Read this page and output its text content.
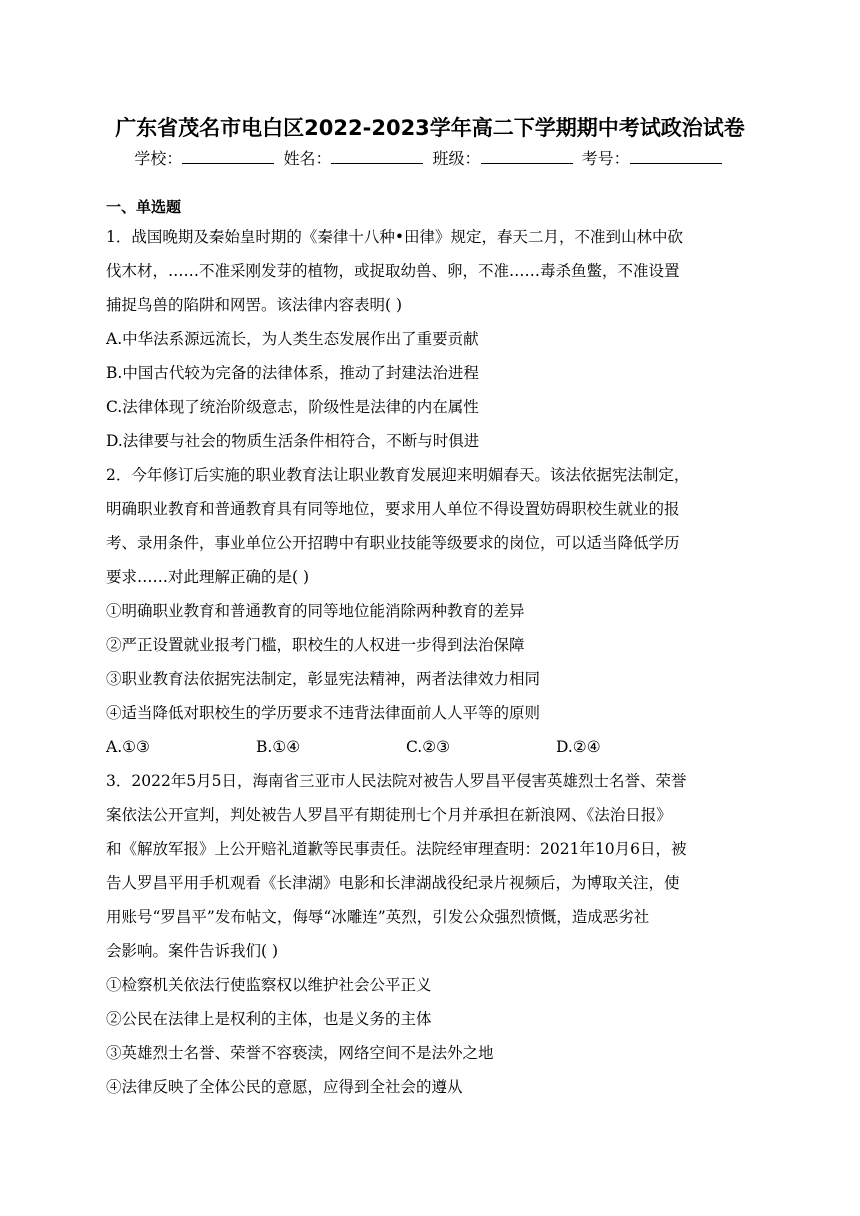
广东省茂名市电白区2022-2023学年高二下学期期中考试政治试卷
学校：	姓名：	班级：	考号：
一、单选题
1．战国晚期及秦始皇时期的《秦律十八种•田律》规定，春天二月，不准到山林中砍
伐木材，……不准采刚发芽的植物，或捉取幼兽、卵，不准……毒杀鱼鳖，不准设置
捕捉鸟兽的陷阱和网罟。该法律内容表明( )
A.中华法系源远流长，为人类生态发展作出了重要贡献
B.中国古代较为完备的法律体系，推动了封建法治进程
C.法律体现了统治阶级意志，阶级性是法律的内在属性
D.法律要与社会的物质生活条件相符合，不断与时俱进
2．今年修订后实施的职业教育法让职业教育发展迎来明媚春天。该法依据宪法制定，
明确职业教育和普通教育具有同等地位，要求用人单位不得设置妨碍职校生就业的报
考、录用条件，事业单位公开招聘中有职业技能等级要求的岗位，可以适当降低学历
要求……对此理解正确的是( )
①明确职业教育和普通教育的同等地位能消除两种教育的差异
②严正设置就业报考门槛，职校生的人权进一步得到法治保障
③职业教育法依据宪法制定，彰显宪法精神，两者法律效力相同
④适当降低对职校生的学历要求不违背法律面前人人平等的原则
A.①③	B.①④	C.②③	D.②④
3．2022年5月5日，海南省三亚市人民法院对被告人罗昌平侵害英雄烈士名誉、荣誉
案依法公开宣判，判处被告人罗昌平有期徒刑七个月并承担在新浪网、《法治日报》
和《解放军报》上公开赔礼道歉等民事责任。法院经审理查明：2021年10月6日，被
告人罗昌平用手机观看《长津湖》电影和长津湖战役纪录片视频后，为博取关注，使
用账号“罗昌平”发布帖文，侮辱“冰雕连”英烈，引发公众强烈愤慨，造成恶劣社
会影响。案件告诉我们( )
①检察机关依法行使监察权以维护社会公平正义
②公民在法律上是权利的主体，也是义务的主体
③英雄烈士名誉、荣誉不容亵渎，网络空间不是法外之地
④法律反映了全体公民的意愿，应得到全社会的遵从
